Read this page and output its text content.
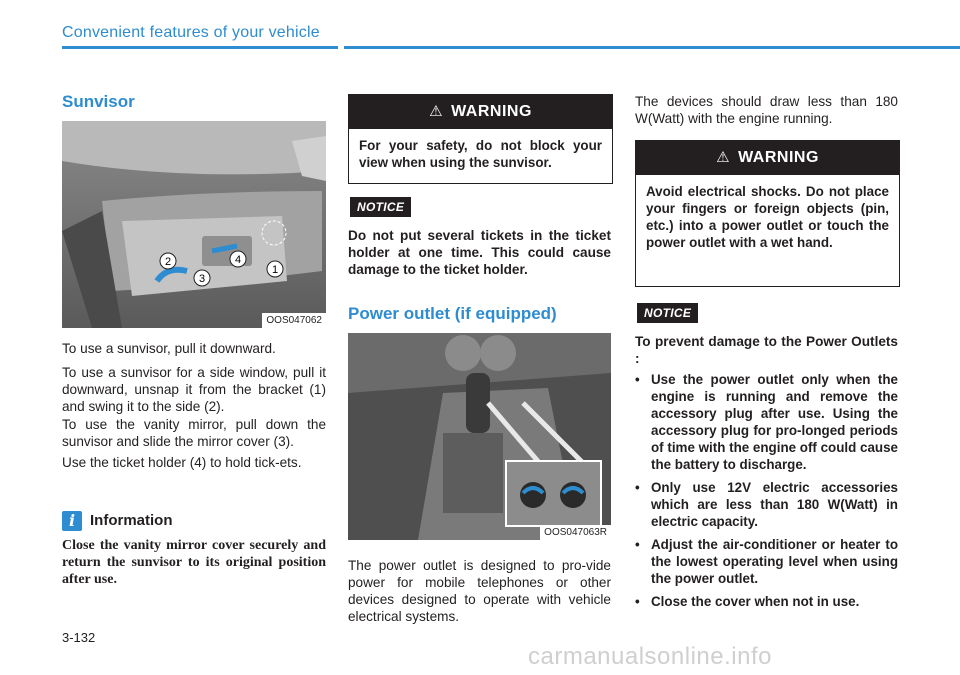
Convenient features of your vehicle
Sunvisor
2
3
4
1
OOS047062

To use a sunvisor, pull it downward.

To use a sunvisor for a side window, pull it downward, unsnap it from the bracket (1) and swing it to the side (2).

To use the vanity mirror, pull down the sunvisor and slide the mirror cover (3).

Use the ticket holder (4) to hold tick-ets.

i Information
Close the vanity mirror cover securely and return the sunvisor to its original position after use.
⚠ WARNING
For your safety, do not block your view when using the sunvisor.
NOTICE

Do not put several tickets in the ticket holder at one time. This could cause damage to the ticket holder.

Power outlet (if equipped)
OOS047063R

The power outlet is designed to pro-vide power for mobile telephones or other devices designed to operate with vehicle electrical systems.

The devices should draw less than 180 W(Watt) with the engine running.

⚠ WARNING
Avoid electrical shocks. Do not place your fingers or foreign objects (pin, etc.) into a power outlet or touch the power outlet with a wet hand.
NOTICE

To prevent damage to the Power Outlets :

• Use the power outlet only when the engine is running and remove the accessory plug after use. Using the accessory plug for pro-longed periods of time with the engine off could cause the battery to discharge.
• Only use 12V electric accessories which are less than 180 W(Watt) in electric capacity.
• Adjust the air-conditioner or heater to the lowest operating level when using the power outlet.
• Close the cover when not in use.
3-132
carmanualsonline.info
